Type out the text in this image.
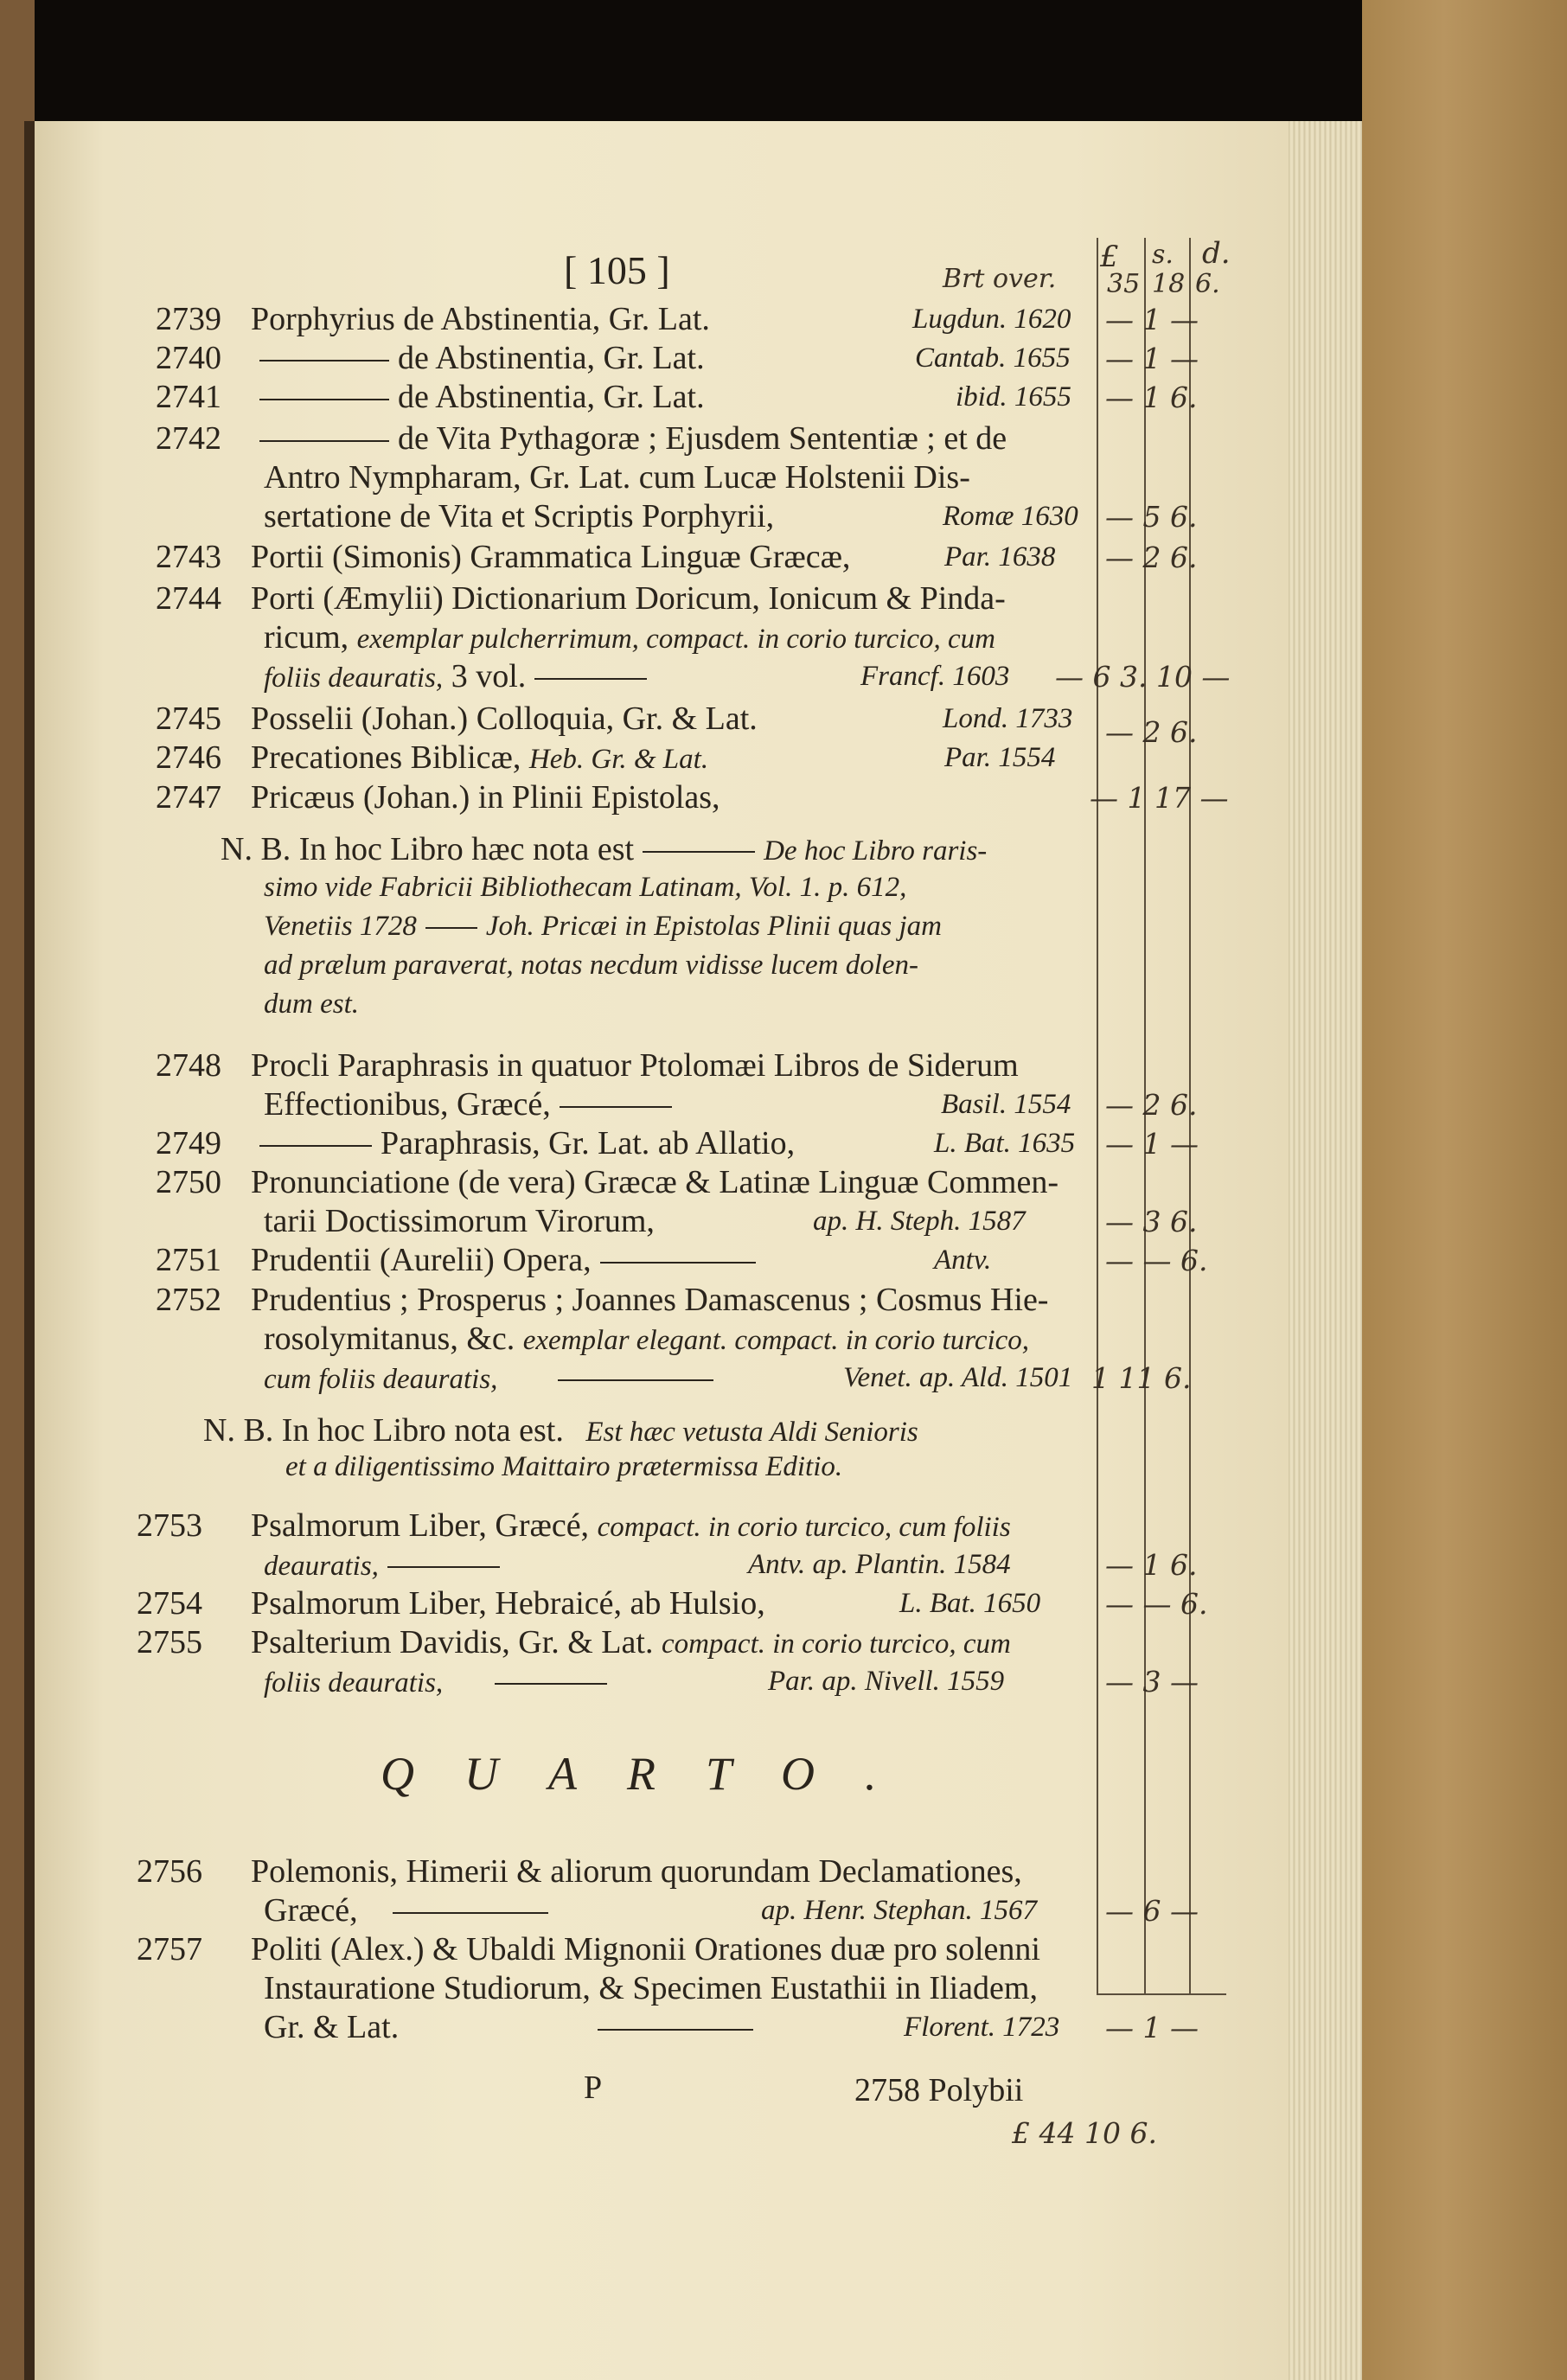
[ 105 ]	Brt over.
£ s. d.
35 18 6.
2739 Porphyrius de Abstinentia, Gr. Lat.	Lugdun. 1620 — 1 —
2740	de Abstinentia, Gr. Lat.	Cantab. 1655 — 1 —
2741	de Abstinentia, Gr. Lat.	ibid. 1655 — 1 6.
2742	de Vita Pythagoræ ; Ejusdem Sententiæ ; et de
Antro Nympharam, Gr. Lat. cum Lucæ Holstenii Dis-
sertatione de Vita et Scriptis Porphyrii,	Romæ 1630 — 5 6.
2743 Portii (Simonis) Grammatica Linguæ Græcæ,	Par. 1638 — 2 6.
2744 Porti (Æmylii) Dictionarium Doricum, Ionicum & Pinda-
ricum, exemplar pulcherrimum, compact. in corio turcico, cum
foliis deauratis, 3 vol.	Francf. 1603 — 6 3. 10 —
2745 Posselii (Johan.) Colloquia, Gr. & Lat.	Lond. 1733 — 2 6.
2746 Precationes Biblicæ, Heb. Gr. & Lat.	Par. 1554
2747 Pricæus (Johan.) in Plinii Epistolas,	— 1 17 —
N. B. In hoc Libro hæc nota est	De hoc Libro raris-
simo vide Fabricii Bibliothecam Latinam, Vol. 1. p. 612,
Venetiis 1728 Joh. Pricæi in Epistolas Plinii quas jam
ad prælum paraverat, notas necdum vidisse lucem dolen-
dum est.
2748 Procli Paraphrasis in quatuor Ptolomæi Libros de Siderum
Effectionibus, Græcé,	Basil. 1554 — 2 6.
2749	Paraphrasis, Gr. Lat. ab Allatio,	L. Bat. 1635 — 1 —
2750 Pronunciatione (de vera) Græcæ & Latinæ Linguæ Commen-
tarii Doctissimorum Virorum,	ap. H. Steph. 1587	— 3 6.
2751 Prudentii (Aurelii) Opera,	Antv.	— — 6.
2752 Prudentius ; Prosperus ; Joannes Damascenus ; Cosmus Hie-
rosolymitanus, &c. exemplar elegant. compact. in corio turcico,
cum foliis deauratis,	Venet. ap. Ald. 1501 1 11 6.
N. B. In hoc Libro nota est. Est hæc vetusta Aldi Senioris
et a diligentissimo Maittairo prætermissa Editio.
2753 Psalmorum Liber, Græcé, compact. in corio turcico, cum foliis
deauratis,	Antv. ap. Plantin. 1584	— 1 6.
2754 Psalmorum Liber, Hebraicé, ab Hulsio,	L. Bat. 1650 — — 6.
2755 Psalterium Davidis, Gr. & Lat. compact. in corio turcico, cum
foliis deauratis,	Par. ap. Nivell. 1559	— 3 —
QUARTO.
2756 Polemonis, Himerii & aliorum quorundam Declamationes,
Græcé,	ap. Henr. Stephan. 1567 — 6 —
2757 Politi (Alex.) & Ubaldi Mignonii Orationes duæ pro solenni
Instauratione Studiorum, & Specimen Eustathii in Iliadem,
Gr. & Lat.	Florent. 1723 — 1 —
P	2758 Polybii
£ 44 10 6.
